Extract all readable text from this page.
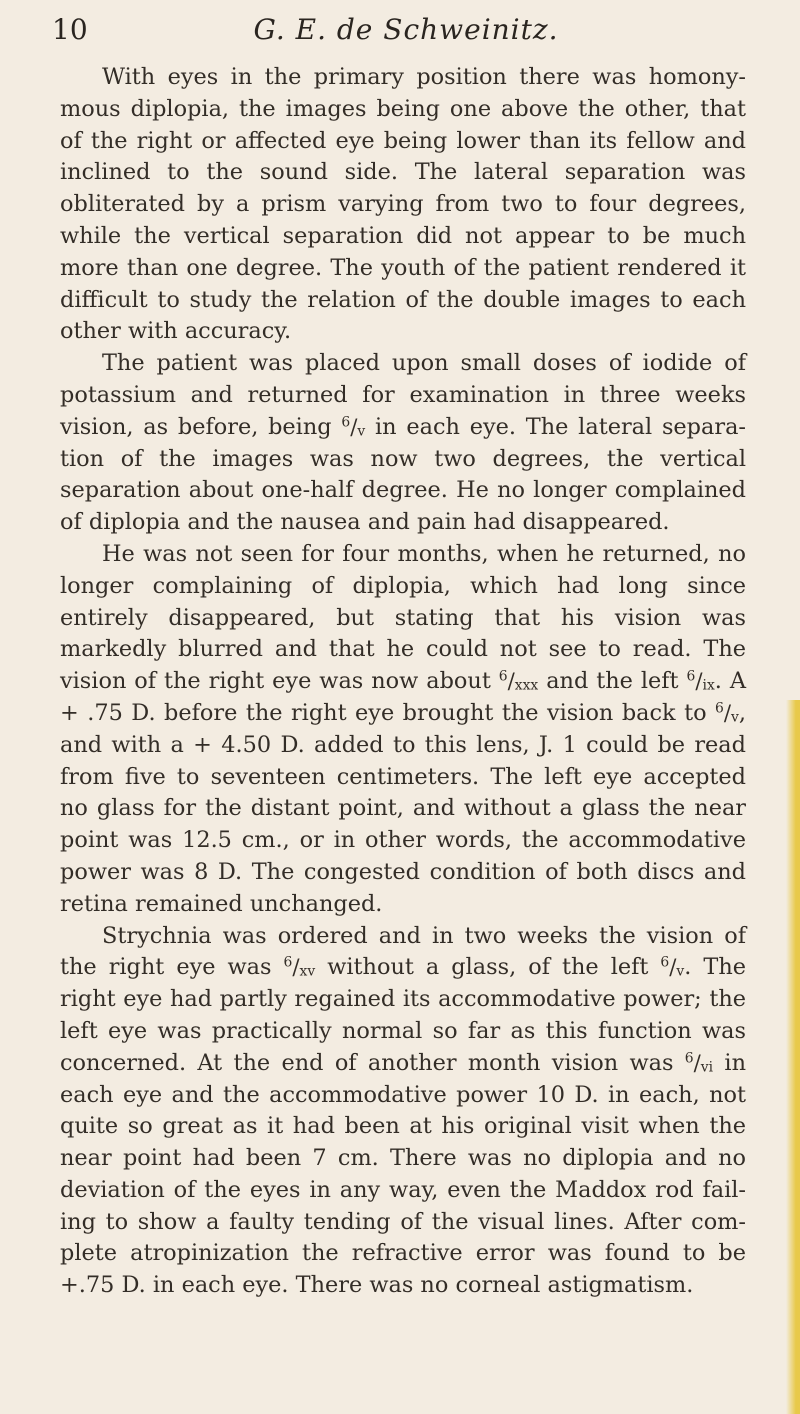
10	G. E. de Schweinitz.

With eyes in the primary position there was homonymous diplopia, the images being one above the other, that of the right or affected eye being lower than its fellow and inclined to the sound side. The lateral separation was obliterated by a prism varying from two to four degrees, while the vertical separation did not appear to be much more than one degree. The youth of the patient rendered it difficult to study the relation of the double images to each other with accuracy.

The patient was placed upon small doses of iodide of potassium and returned for examination in three weeks vision, as before, being $^6/_v$ in each eye. The lateral separation of the images was now two degrees, the vertical separation about one-half degree. He no longer complained of diplopia and the nausea and pain had disappeared.

He was not seen for four months, when he returned, no longer complaining of diplopia, which had long since entirely disappeared, but stating that his vision was markedly blurred and that he could not see to read. The vision of the right eye was now about $^6/_{xxx}$ and the left $^6/_{ix}$. A + .75 D. before the right eye brought the vision back to $^6/_v$, and with a + 4.50 D. added to this lens, J. 1 could be read from five to seventeen centimeters. The left eye accepted no glass for the distant point, and without a glass the near point was 12.5 cm., or in other words, the accommodative power was 8 D. The congested condition of both discs and retina remained unchanged.

Strychnia was ordered and in two weeks the vision of the right eye was $^6/_{xv}$ without a glass, of the left $^6/_v$. The right eye had partly regained its accommodative power; the left eye was practically normal so far as this function was concerned. At the end of another month vision was $^6/_{vi}$ in each eye and the accommodative power 10 D. in each, not quite so great as it had been at his original visit when the near point had been 7 cm. There was no diplopia and no deviation of the eyes in any way, even the Maddox rod failing to show a faulty tending of the visual lines. After complete atropinization the refractive error was found to be +.75 D. in each eye. There was no corneal astigmatism.
